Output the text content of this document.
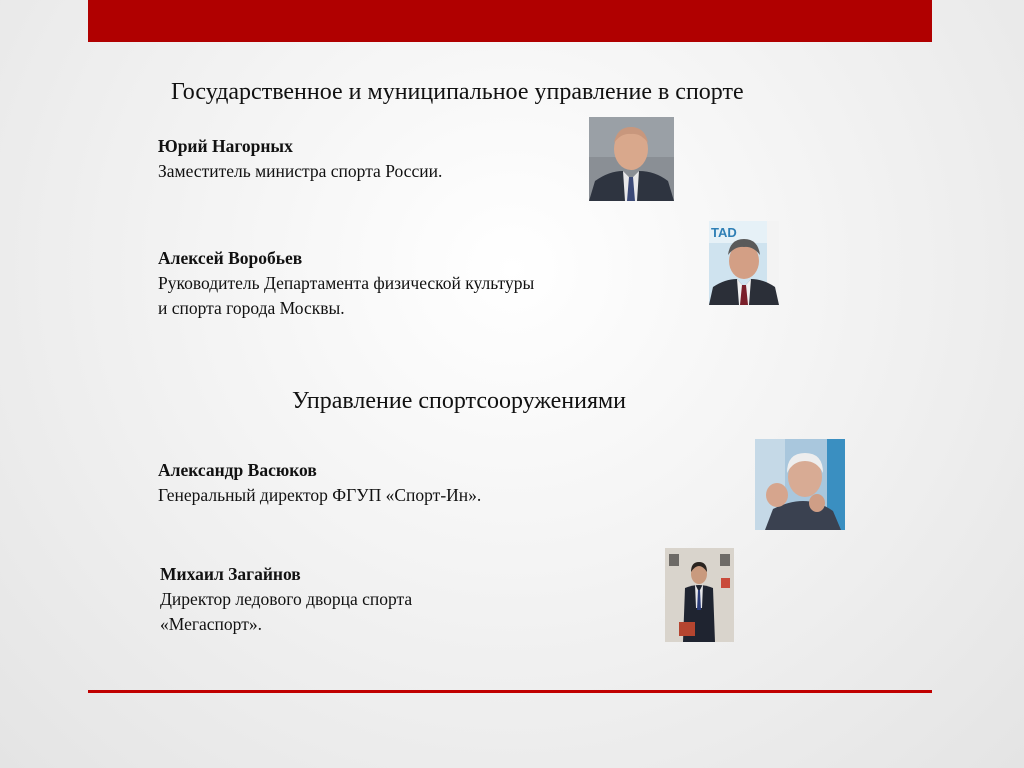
Государственное и муниципальное управление в спорте
Юрий Нагорных
Заместитель министра спорта России.
Алексей Воробьев
Руководитель Департамента физической культуры и спорта города Москвы.
TAD
Управление спортсооружениями
Александр Васюков
Генеральный директор ФГУП «Спорт-Ин».
Михаил Загайнов
Директор ледового дворца спорта «Мегаспорт».
